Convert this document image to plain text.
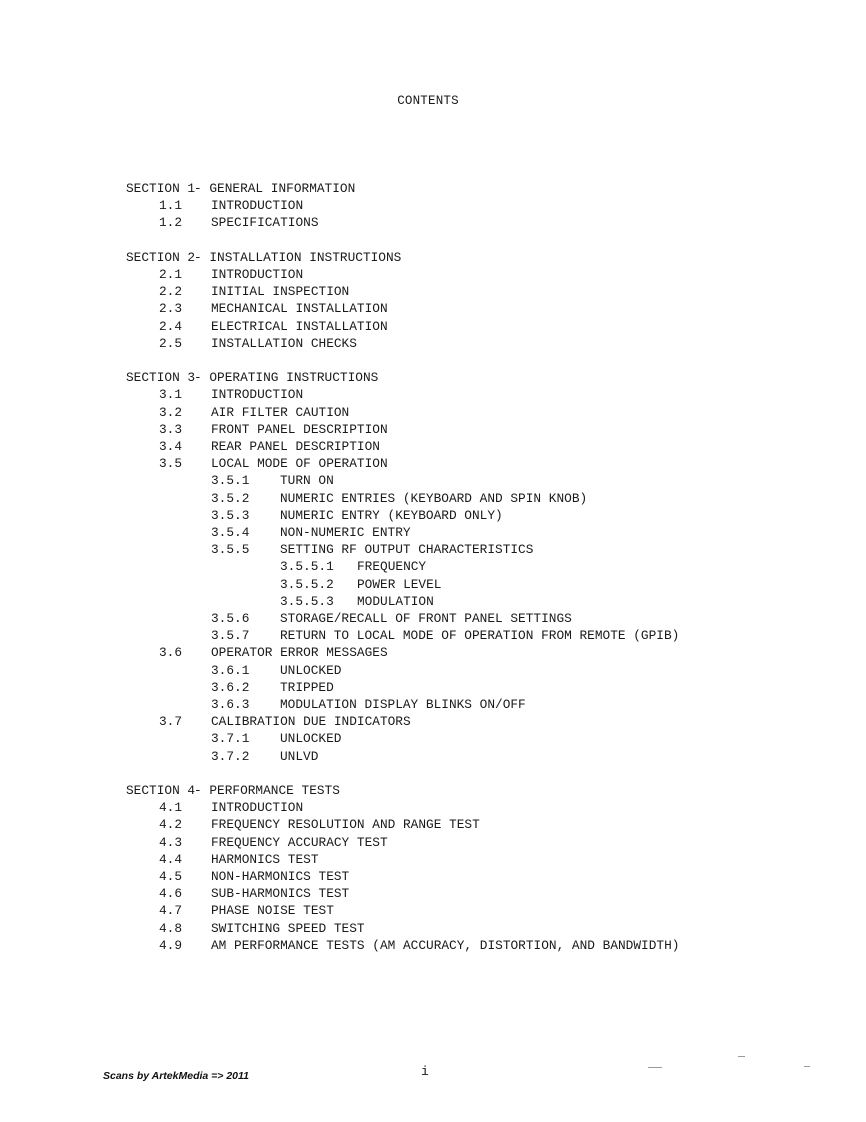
CONTENTS
SECTION 1
- GENERAL INFORMATION
1.1 INTRODUCTION
1.2 SPECIFICATIONS
SECTION 2
- INSTALLATION INSTRUCTIONS
2.1 INTRODUCTION
2.2 INITIAL INSPECTION
2.3 MECHANICAL INSTALLATION
2.4 ELECTRICAL INSTALLATION
2.5 INSTALLATION CHECKS
SECTION 3
- OPERATING INSTRUCTIONS
3.1 INTRODUCTION
3.2 AIR FILTER CAUTION
3.3 FRONT PANEL DESCRIPTION
3.4 REAR PANEL DESCRIPTION
3.5 LOCAL MODE OF OPERATION
3.5.1 TURN ON
3.5.2 NUMERIC ENTRIES (KEYBOARD AND SPIN KNOB)
3.5.3 NUMERIC ENTRY (KEYBOARD ONLY)
3.5.4 NON-NUMERIC ENTRY
3.5.5 SETTING RF OUTPUT CHARACTERISTICS
3.5.5.1 FREQUENCY
3.5.5.2 POWER LEVEL
3.5.5.3 MODULATION
3.5.6 STORAGE/RECALL OF FRONT PANEL SETTINGS
3.5.7 RETURN TO LOCAL MODE OF OPERATION FROM REMOTE (GPIB)
3.6 OPERATOR ERROR MESSAGES
3.6.1 UNLOCKED
3.6.2 TRIPPED
3.6.3 MODULATION DISPLAY BLINKS ON/OFF
3.7 CALIBRATION DUE INDICATORS
3.7.1 UNLOCKED
3.7.2 UNLVD
SECTION 4
- PERFORMANCE TESTS
4.1 INTRODUCTION
4.2 FREQUENCY RESOLUTION AND RANGE TEST
4.3 FREQUENCY ACCURACY TEST
4.4 HARMONICS TEST
4.5 NON-HARMONICS TEST
4.6 SUB-HARMONICS TEST
4.7 PHASE NOISE TEST
4.8 SWITCHING SPEED TEST
4.9 AM PERFORMANCE TESTS (AM ACCURACY, DISTORTION, AND BANDWIDTH)
Scans by ArtekMedia => 2011	i
